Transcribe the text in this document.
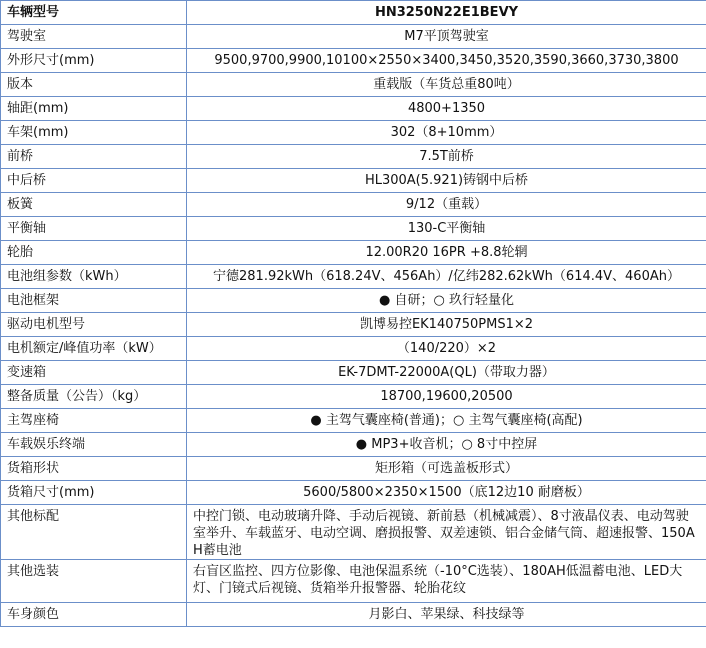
车辆型号	HN3250N22E1BEVY
驾驶室	M7平顶驾驶室
外形尺寸(mm)	9500,9700,9900,10100×2550×3400,3450,3520,3590,3660,3730,3800
版本	重载版（车货总重80吨）
轴距(mm)	4800+1350
车架(mm)	302（8+10mm）
前桥	7.5T前桥
中后桥	HL300A(5.921)铸钢中后桥
板簧	9/12（重载）
平衡轴	130-C平衡轴
轮胎	12.00R20 16PR +8.8轮辋
电池组参数（kWh）	宁德281.92kWh（618.24V、456Ah）/亿纬282.62kWh（614.4V、460Ah）
电池框架	● 自研；○ 玖行轻量化
驱动电机型号	凯博易控EK140750PMS1×2
电机额定/峰值功率（kW）	（140/220）×2
变速箱	EK-7DMT-22000A(QL)（带取力器）
整备质量（公告）（kg）	18700,19600,20500
主驾座椅	● 主驾气囊座椅(普通)；○ 主驾气囊座椅(高配)
车载娱乐终端	● MP3+收音机；○ 8寸中控屏
货箱形状	矩形箱（可选盖板形式）
货箱尺寸(mm)	5600/5800×2350×1500（底12边10 耐磨板）
其他标配	中控门锁、电动玻璃升降、手动后视镜、新前悬（机械减震）、8寸液晶仪表、电动驾驶室举升、车载蓝牙、电动空调、磨损报警、双差速锁、铝合金储气筒、超速报警、150AH蓄电池
其他选装	右盲区监控、四方位影像、电池保温系统（-10°C选装）、180AH低温蓄电池、LED大灯、门镜式后视镜、货箱举升报警器、轮胎花纹
车身颜色	月影白、苹果绿、科技绿等
